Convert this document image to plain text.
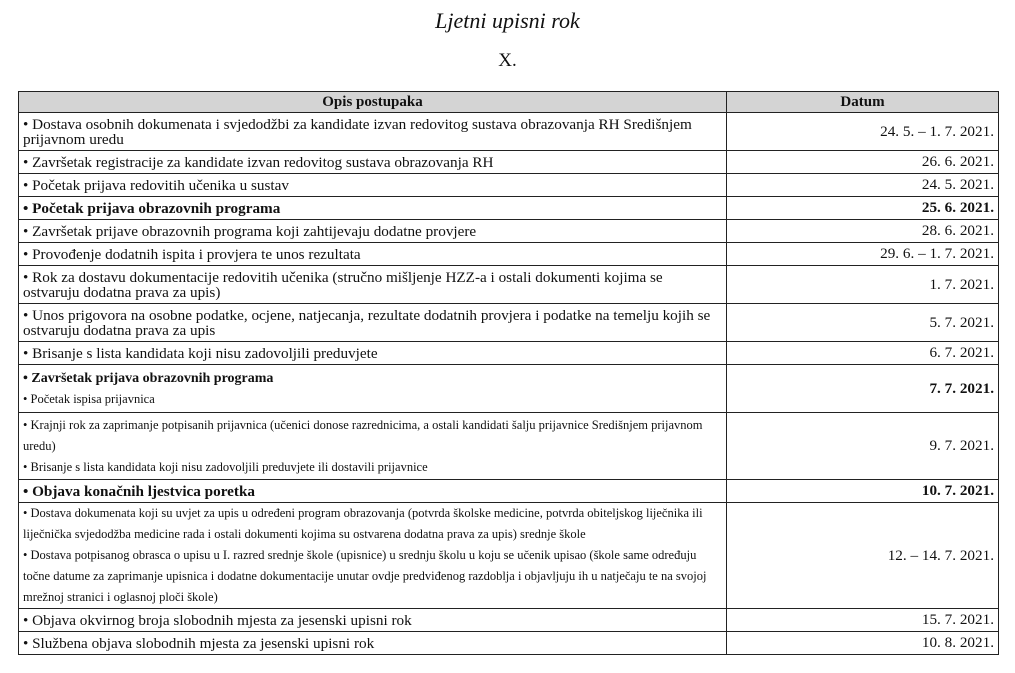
Ljetni upisni rok
X.
Opis postupaka	Datum

• Dostava osobnih dokumenata i svjedodžbi za kandidate izvan redovitog sustava obrazovanja RH Središnjem prijavnom uredu	24. 5. – 1. 7. 2021.

• Završetak registracije za kandidate izvan redovitog sustava obrazovanja RH	26. 6. 2021.

• Početak prijava redovitih učenika u sustav	24. 5. 2021.

• Početak prijava obrazovnih programa	25. 6. 2021.

• Završetak prijave obrazovnih programa koji zahtijevaju dodatne provjere	28. 6. 2021.

• Provođenje dodatnih ispita i provjera te unos rezultata	29. 6. – 1. 7. 2021.

• Rok za dostavu dokumentacije redovitih učenika (stručno mišljenje HZZ-a i ostali dokumenti kojima se ostvaruju dodatna prava za upis)	1. 7. 2021.

• Unos prigovora na osobne podatke, ocjene, natjecanja, rezultate dodatnih provjera i podatke na temelju kojih se ostvaruju dodatna prava za upis	5. 7. 2021.

• Brisanje s lista kandidata koji nisu zadovoljili preduvjete	6. 7. 2021.

• Završetak prijava obrazovnih programa
• Početak ispisa prijavnica	7. 7. 2021.

• Krajnji rok za zaprimanje potpisanih prijavnica (učenici donose razrednicima, a ostali kandidati šalju prijavnice Središnjem prijavnom uredu)
• Brisanje s lista kandidata koji nisu zadovoljili preduvjete ili dostavili prijavnice	9. 7. 2021.

• Objava konačnih ljestvica poretka	10. 7. 2021.

• Dostava dokumenata koji su uvjet za upis u određeni program obrazovanja (potvrda školske medicine, potvrda obiteljskog liječnika ili liječnička svjedodžba medicine rada i ostali dokumenti kojima su ostvarena dodatna prava za upis) srednje škole
• Dostava potpisanog obrasca o upisu u I. razred srednje škole (upisnice) u srednju školu u koju se učenik upisao (škole same određuju točne datume za zaprimanje upisnica i dodatne dokumentacije unutar ovdje predviđenog razdoblja i objavljuju ih u natječaju te na svojoj mrežnoj stranici i oglasnoj ploči škole)	12. – 14. 7. 2021.

• Objava okvirnog broja slobodnih mjesta za jesenski upisni rok	15. 7. 2021.

• Službena objava slobodnih mjesta za jesenski upisni rok	10. 8. 2021.
